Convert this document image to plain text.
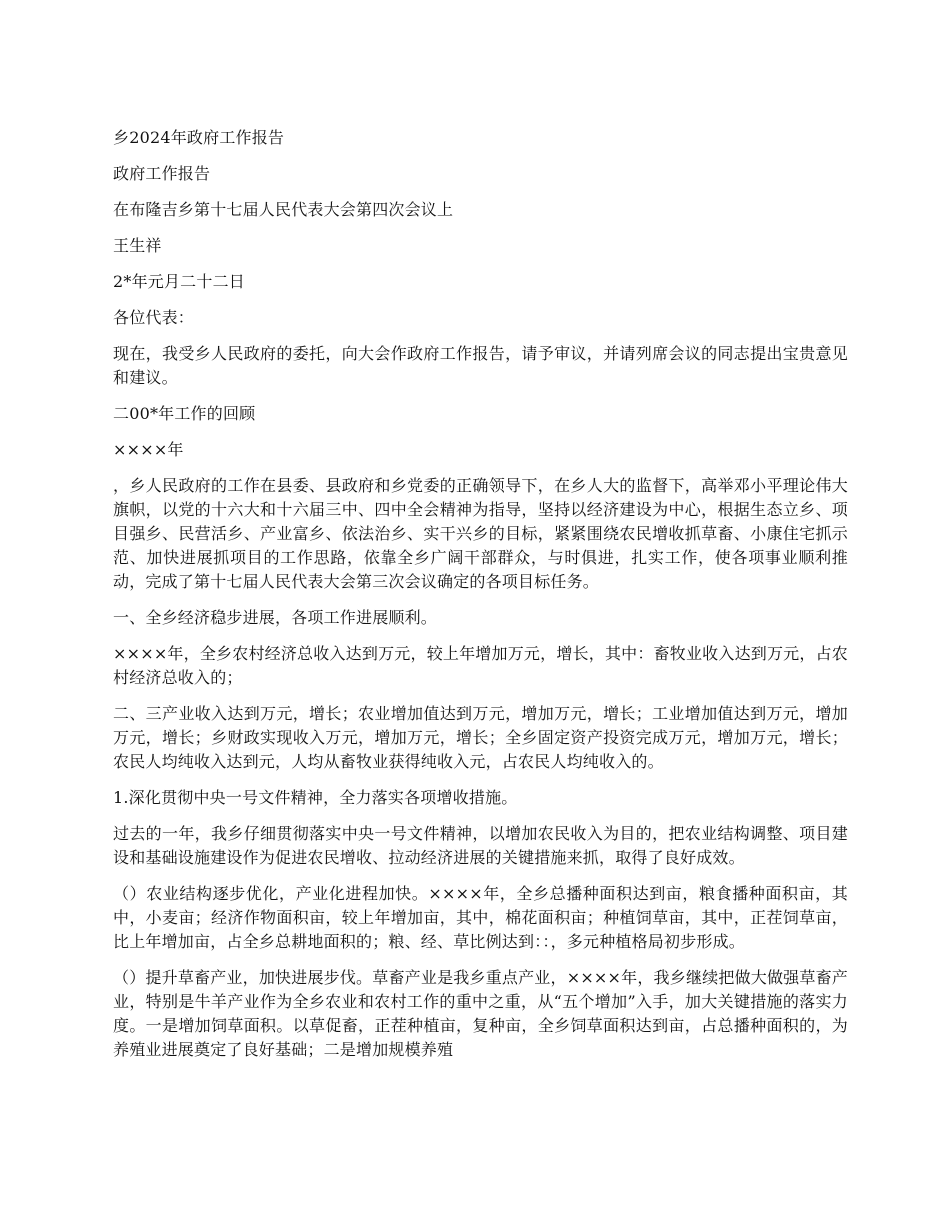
乡2024年政府工作报告

政府工作报告

在布隆吉乡第十七届人民代表大会第四次会议上

王生祥

2*年元月二十二日

各位代表：

现在，我受乡人民政府的委托，向大会作政府工作报告，请予审议，并请列席会议的同志提出宝贵意见和建议。

二00*年工作的回顾

××××年

，乡人民政府的工作在县委、县政府和乡党委的正确领导下，在乡人大的监督下，高举邓小平理论伟大旗帜，以党的十六大和十六届三中、四中全会精神为指导，坚持以经济建设为中心，根据生态立乡、项目强乡、民营活乡、产业富乡、依法治乡、实干兴乡的目标，紧紧围绕农民增收抓草畜、小康住宅抓示范、加快进展抓项目的工作思路，依靠全乡广阔干部群众，与时俱进，扎实工作，使各项事业顺利推动，完成了第十七届人民代表大会第三次会议确定的各项目标任务。

一、全乡经济稳步进展，各项工作进展顺利。

××××年，全乡农村经济总收入达到万元，较上年增加万元，增长，其中：畜牧业收入达到万元，占农村经济总收入的；

二、三产业收入达到万元，增长；农业增加值达到万元，增加万元，增长；工业增加值达到万元，增加万元，增长；乡财政实现收入万元，增加万元，增长；全乡固定资产投资完成万元，增加万元，增长；农民人均纯收入达到元，人均从畜牧业获得纯收入元，占农民人均纯收入的。

1.深化贯彻中央一号文件精神，全力落实各项增收措施。

过去的一年，我乡仔细贯彻落实中央一号文件精神，以增加农民收入为目的，把农业结构调整、项目建设和基础设施建设作为促进农民增收、拉动经济进展的关键措施来抓，取得了良好成效。

（）农业结构逐步优化，产业化进程加快。××××年，全乡总播种面积达到亩，粮食播种面积亩，其中，小麦亩；经济作物面积亩，较上年增加亩，其中，棉花面积亩；种植饲草亩，其中，正茬饲草亩，比上年增加亩，占全乡总耕地面积的；粮、经、草比例达到：：，多元种植格局初步形成。

（）提升草畜产业，加快进展步伐。草畜产业是我乡重点产业，××××年，我乡继续把做大做强草畜产业，特别是牛羊产业作为全乡农业和农村工作的重中之重，从“五个增加”入手，加大关键措施的落实力度。一是增加饲草面积。以草促畜，正茬种植亩，复种亩，全乡饲草面积达到亩，占总播种面积的，为养殖业进展奠定了良好基础；二是增加规模养殖
